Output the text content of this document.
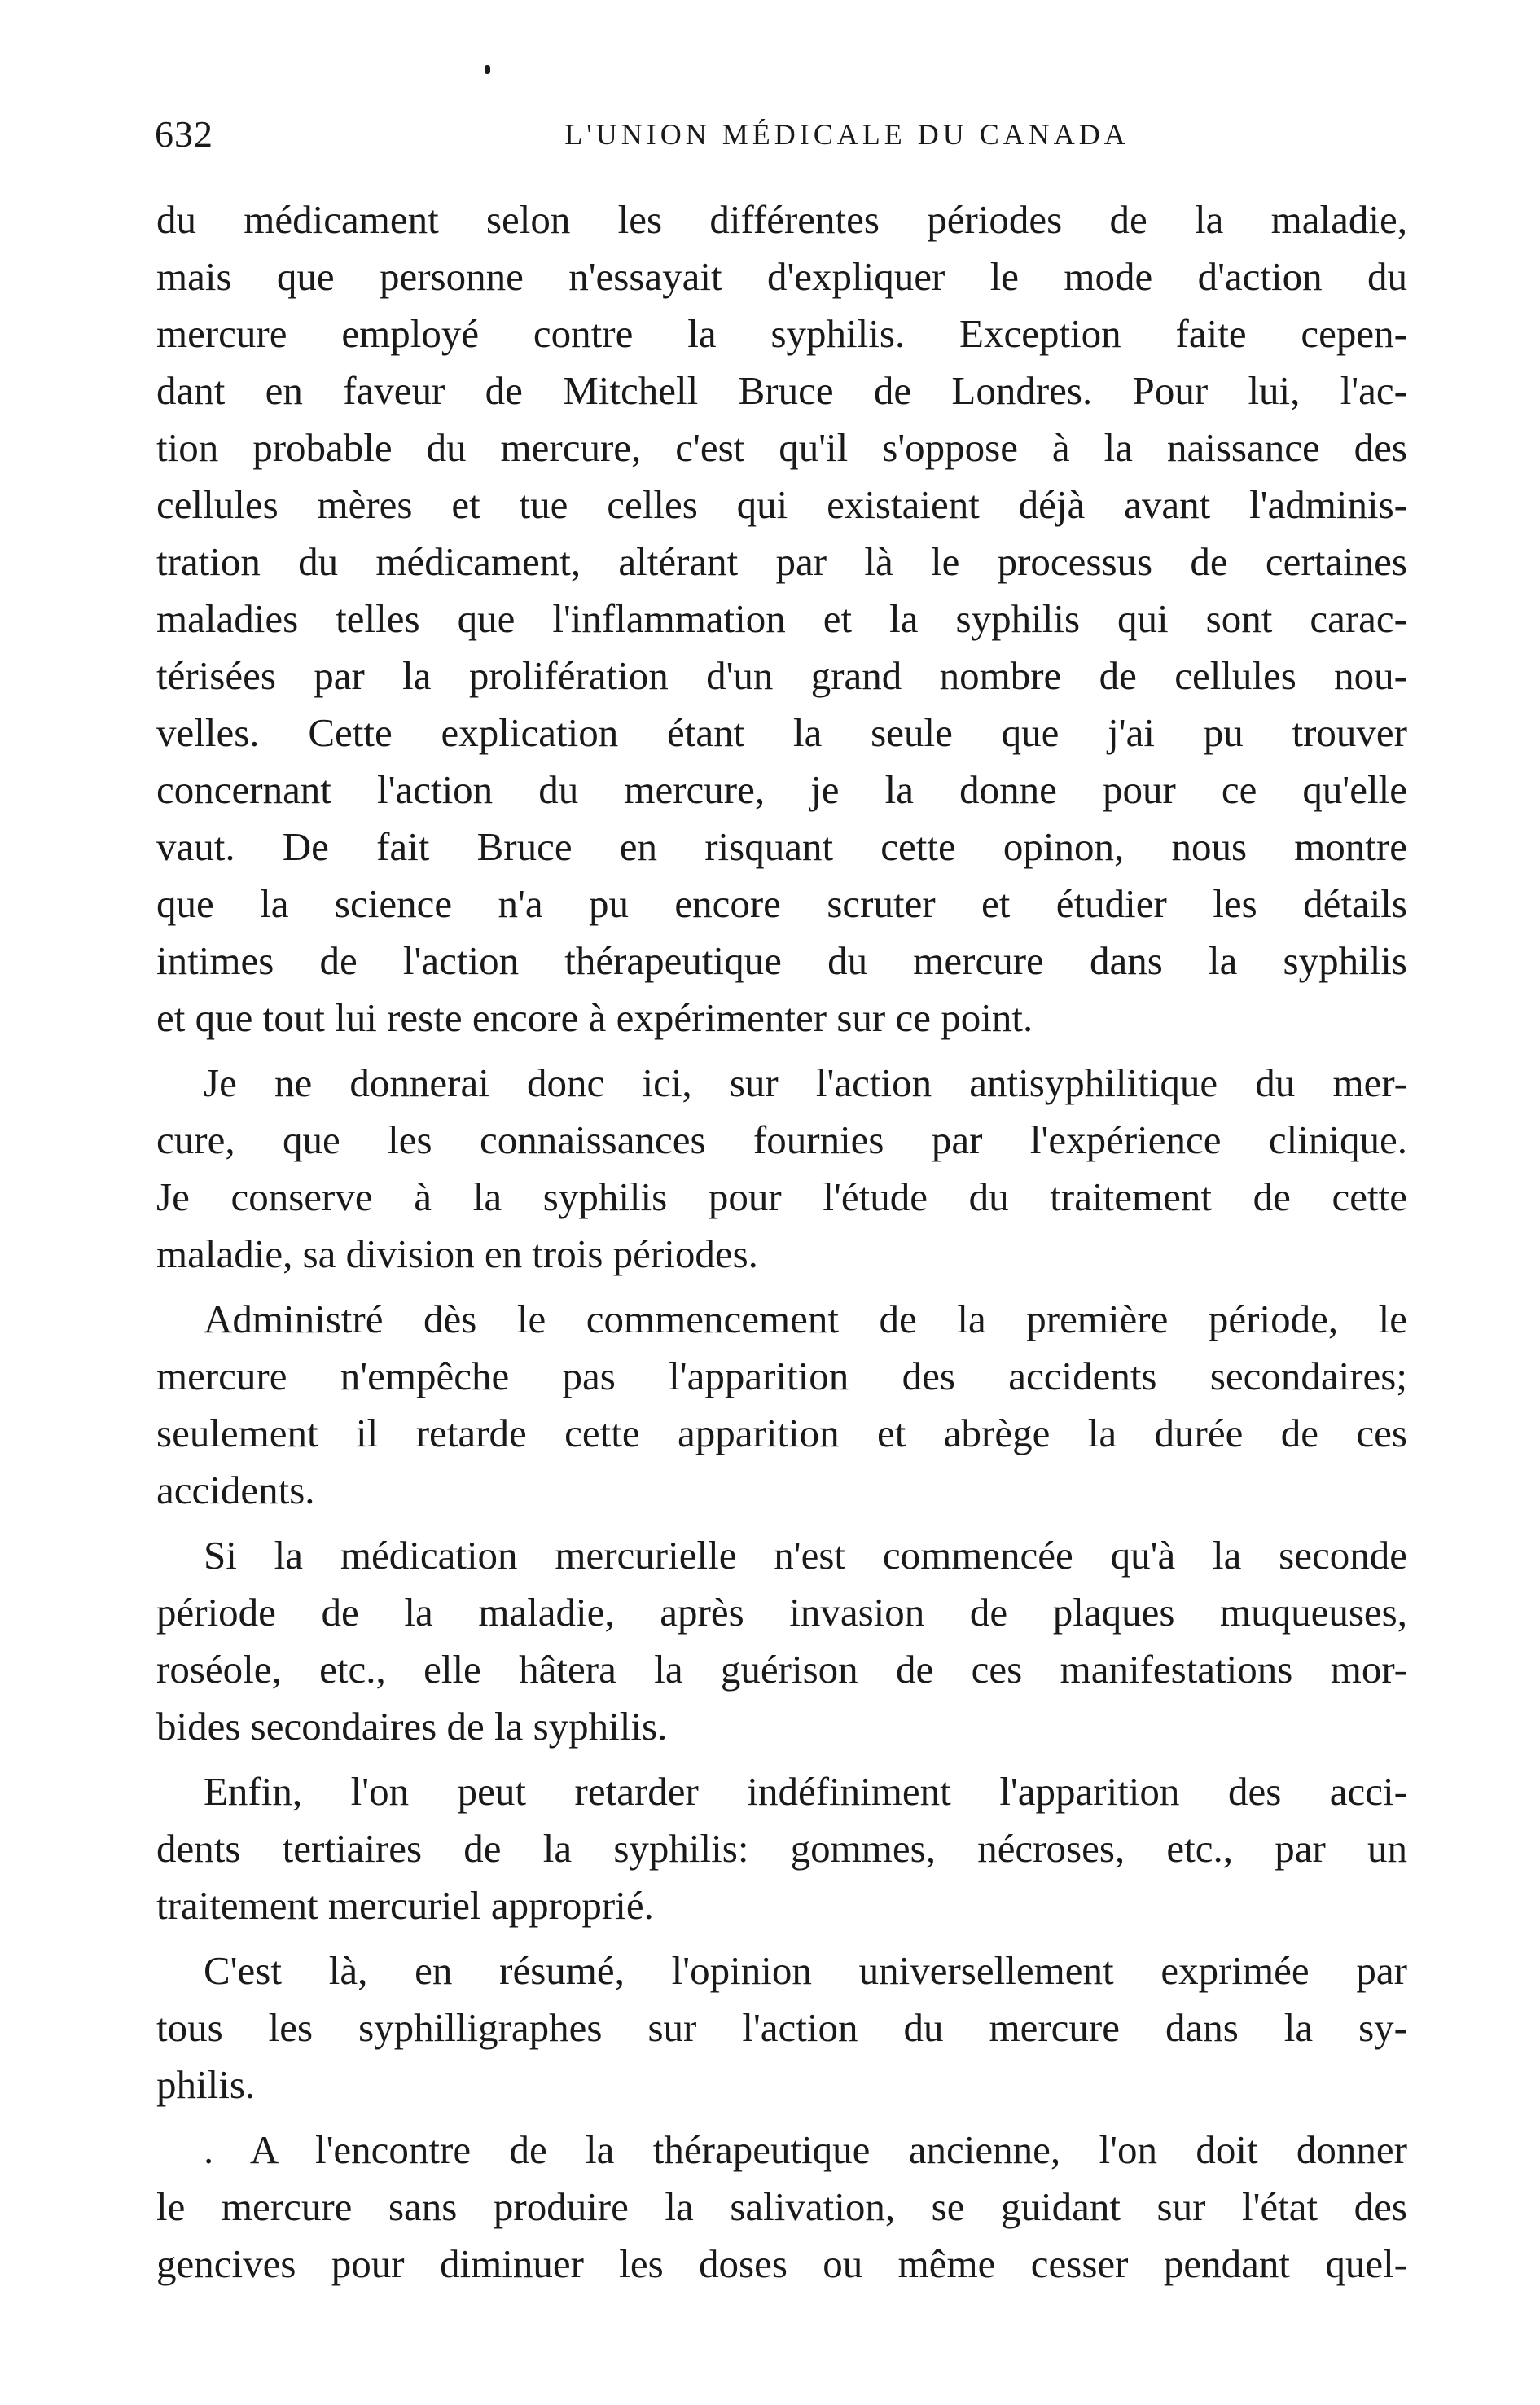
632	L'UNION MÉDICALE DU CANADA
du médicament selon les différentes périodes de la maladie,
mais que personne n'essayait d'expliquer le mode d'action du
mercure employé contre la syphilis. Exception faite cepen-
dant en faveur de Mitchell Bruce de Londres. Pour lui, l'ac-
tion probable du mercure, c'est qu'il s'oppose à la naissance des
cellules mères et tue celles qui existaient déjà avant l'adminis-
tration du médicament, altérant par là le processus de certaines
maladies telles que l'inflammation et la syphilis qui sont carac-
térisées par la prolifération d'un grand nombre de cellules nou-
velles. Cette explication étant la seule que j'ai pu trouver
concernant l'action du mercure, je la donne pour ce qu'elle
vaut. De fait Bruce en risquant cette opinon, nous montre
que la science n'a pu encore scruter et étudier les détails
intimes de l'action thérapeutique du mercure dans la syphilis
et que tout lui reste encore à expérimenter sur ce point.
Je ne donnerai donc ici, sur l'action antisyphilitique du mer-
cure, que les connaissances fournies par l'expérience clinique.
Je conserve à la syphilis pour l'étude du traitement de cette
maladie, sa division en trois périodes.
Administré dès le commencement de la première période, le
mercure n'empêche pas l'apparition des accidents secondaires;
seulement il retarde cette apparition et abrège la durée de ces
accidents.
Si la médication mercurielle n'est commencée qu'à la seconde
période de la maladie, après invasion de plaques muqueuses,
roséole, etc., elle hâtera la guérison de ces manifestations mor-
bides secondaires de la syphilis.
Enfin, l'on peut retarder indéfiniment l'apparition des acci-
dents tertiaires de la syphilis: gommes, nécroses, etc., par un
traitement mercuriel approprié.
C'est là, en résumé, l'opinion universellement exprimée par
tous les syphilligraphes sur l'action du mercure dans la sy-
philis.
. A l'encontre de la thérapeutique ancienne, l'on doit donner
le mercure sans produire la salivation, se guidant sur l'état des
gencives pour diminuer les doses ou même cesser pendant quel-
